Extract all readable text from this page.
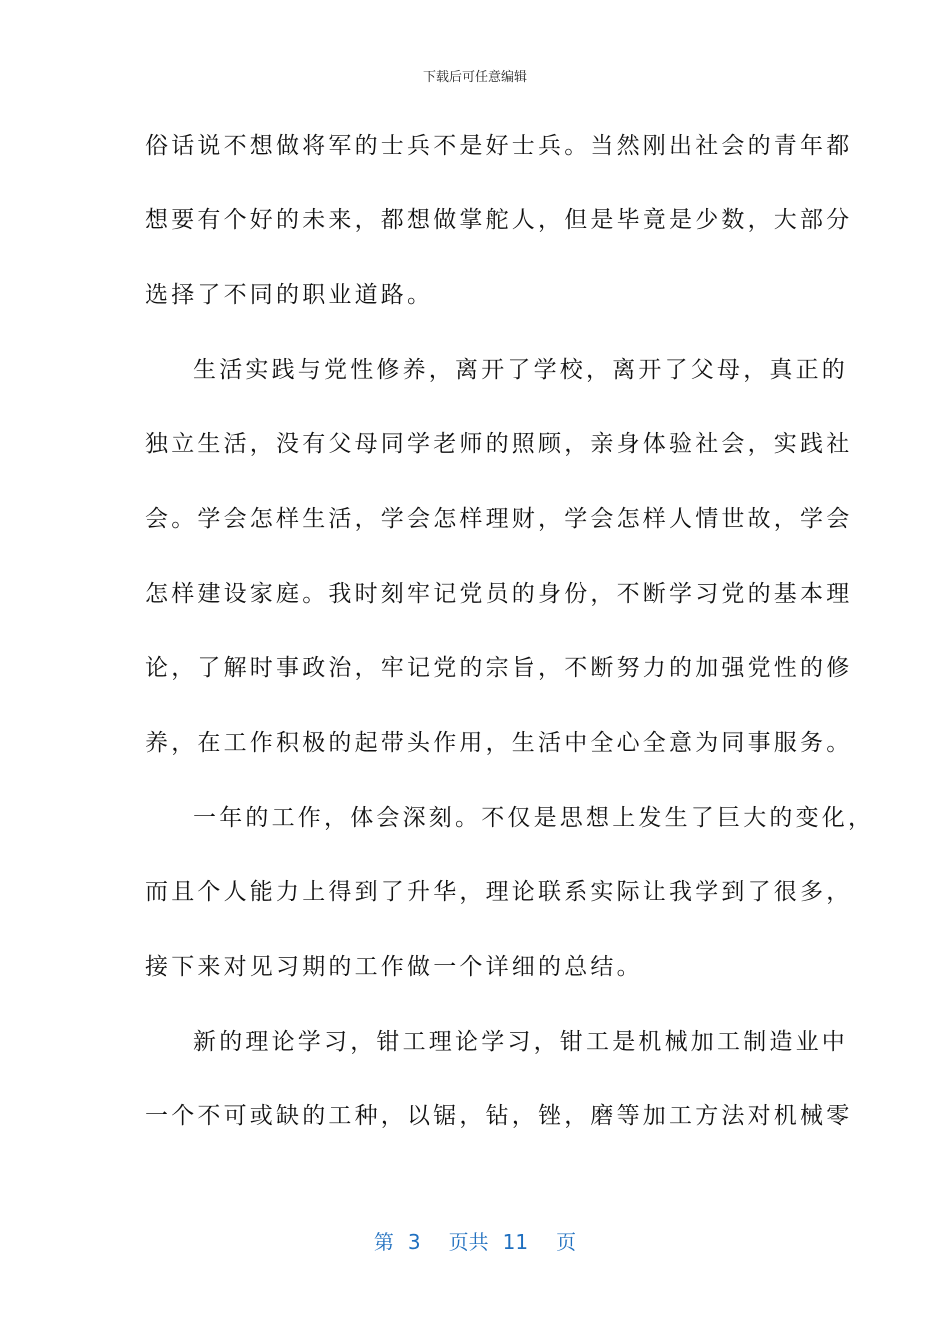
下载后可任意编辑
俗话说不想做将军的士兵不是好士兵。当然刚出社会的青年都
想要有个好的未来，都想做掌舵人，但是毕竟是少数，大部分
选择了不同的职业道路。
生活实践与党性修养，离开了学校，离开了父母，真正的
独立生活，没有父母同学老师的照顾，亲身体验社会，实践社
会。学会怎样生活，学会怎样理财，学会怎样人情世故，学会
怎样建设家庭。我时刻牢记党员的身份，不断学习党的基本理
论，了解时事政治，牢记党的宗旨，不断努力的加强党性的修
养，在工作积极的起带头作用，生活中全心全意为同事服务。
一年的工作，体会深刻。不仅是思想上发生了巨大的变化，
而且个人能力上得到了升华，理论联系实际让我学到了很多，
接下来对见习期的工作做一个详细的总结。
新的理论学习，钳工理论学习，钳工是机械加工制造业中
一个不可或缺的工种，以锯，钻，锉，磨等加工方法对机械零
第 3 页共 11 页
